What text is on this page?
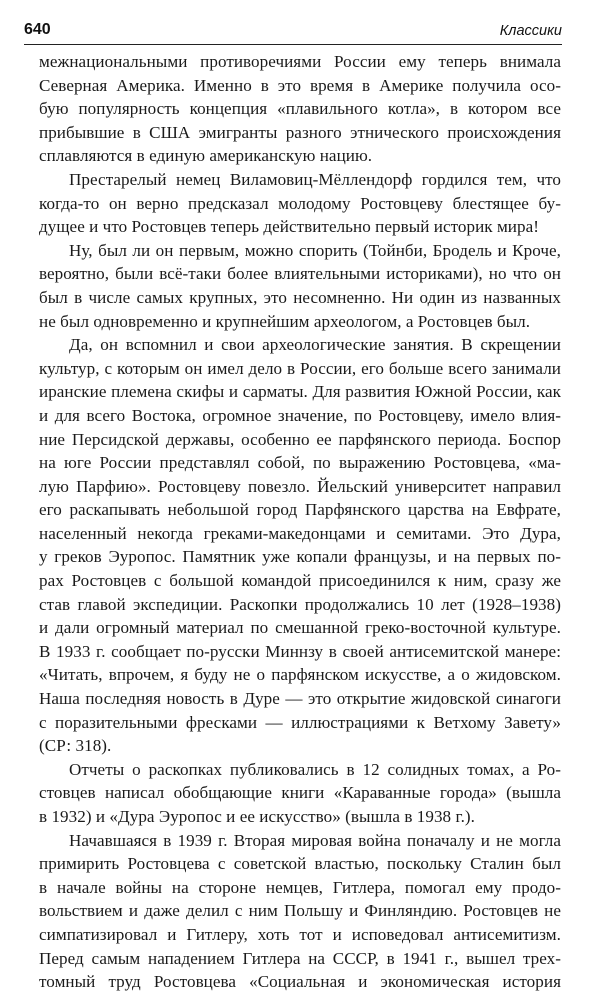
640	Классики
межнациональными противоречиями России ему теперь внимала
Северная Америка. Именно в это время в Америке получила осо-
бую популярность концепция «плавильного котла», в котором все
прибывшие в США эмигранты разного этнического происхождения
сплавляются в единую американскую нацию.
Престарелый немец Виламовиц-Мёллендорф гордился тем, что
когда-то он верно предсказал молодому Ростовцеву блестящее бу-
дущее и что Ростовцев теперь действительно первый историк мира!
Ну, был ли он первым, можно спорить (Тойнби, Бродель и Кроче,
вероятно, были всё-таки более влиятельными историками), но что он
был в числе самых крупных, это несомненно. Ни один из названных
не был одновременно и крупнейшим археологом, а Ростовцев был.
Да, он вспомнил и свои археологические занятия. В скрещении
культур, с которым он имел дело в России, его больше всего занимали
иранские племена скифы и сарматы. Для развития Южной России, как
и для всего Востока, огромное значение, по Ростовцеву, имело влия-
ние Персидской державы, особенно ее парфянского периода. Боспор
на юге России представлял собой, по выражению Ростовцева, «ма-
лую Парфию». Ростовцеву повезло. Йельский университет направил
его раскапывать небольшой город Парфянского царства на Евфрате,
населенный некогда греками-македонцами и семитами. Это Дура,
у греков Эуропос. Памятник уже копали французы, и на первых по-
рах Ростовцев с большой командой присоединился к ним, сразу же
став главой экспедиции. Раскопки продолжались 10 лет (1928–1938)
и дали огромный материал по смешанной греко-восточной культуре.
В 1933 г. сообщает по-русски Миннзу в своей антисемитской манере:
«Читать, впрочем, я буду не о парфянском искусстве, а о жидовском.
Наша последняя новость в Дуре — это открытие жидовской синагоги
с поразительными фресками — иллюстрациями к Ветхому Завету»
(СР: 318).
Отчеты о раскопках публиковались в 12 солидных томах, а Ро-
стовцев написал обобщающие книги «Караванные города» (вышла
в 1932) и «Дура Эуропос и ее искусство» (вышла в 1938 г.).
Начавшаяся в 1939 г. Вторая мировая война поначалу и не могла
примирить Ростовцева с советской властью, поскольку Сталин был
в начале войны на стороне немцев, Гитлера, помогал ему продо-
вольствием и даже делил с ним Польшу и Финляндию. Ростовцев не
симпатизировал и Гитлеру, хоть тот и исповедовал антисемитизм.
Перед самым нападением Гитлера на СССР, в 1941 г., вышел трех-
томный труд Ростовцева «Социальная и экономическая история
